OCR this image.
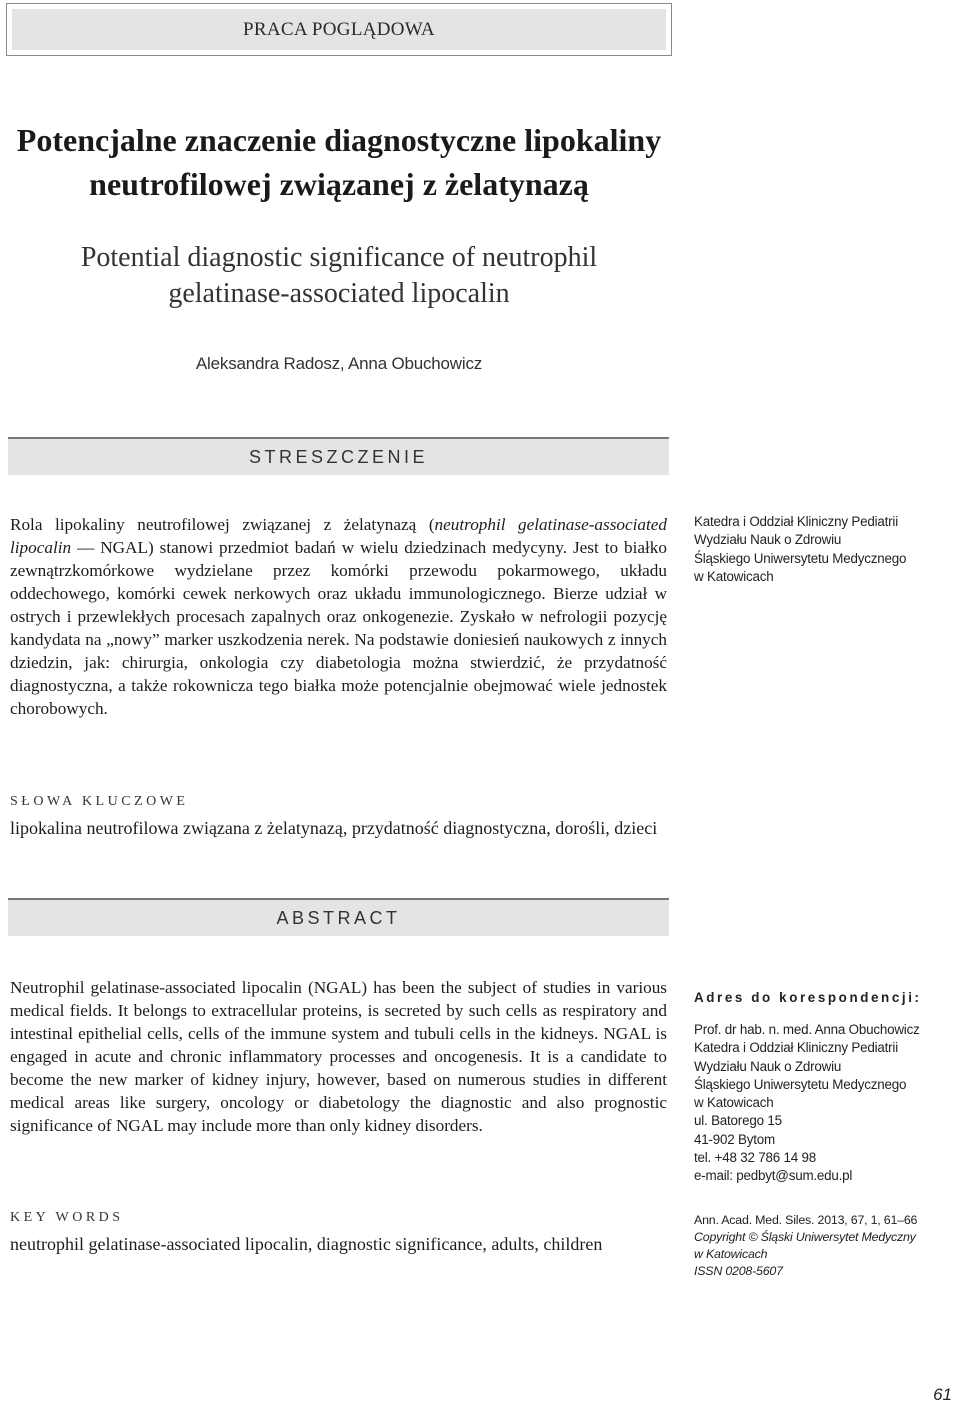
PRACA POGLĄDOWA
Potencjalne znaczenie diagnostyczne lipokaliny
neutrofilowej związanej z żelatynazą
Potential diagnostic significance of neutrophil
gelatinase-associated lipocalin
Aleksandra Radosz, Anna Obuchowicz
STRESZCZENIE
Rola lipokaliny neutrofilowej związanej z żelatynazą (neutrophil gelatinase-associated lipocalin — NGAL) stanowi przedmiot badań w wielu dziedzinach medycyny. Jest to białko zewnątrzkomórkowe wydzielane przez komórki przewodu pokarmowego, układu oddechowego, komórki cewek nerkowych oraz układu immunologicznego. Bierze udział w ostrych i przewlekłych procesach zapalnych oraz onkogenezie. Zyskało w nefrologii pozycję kandydata na „nowy” marker uszkodzenia nerek. Na podstawie doniesień naukowych z innych dziedzin, jak: chirurgia, onkologia czy diabetologia można stwierdzić, że przydatność diagnostyczna, a także rokownicza tego białka może potencjalnie obejmować wiele jednostek chorobowych.
Katedra i Oddział Kliniczny Pediatrii
Wydziału Nauk o Zdrowiu
Śląskiego Uniwersytetu Medycznego
w Katowicach
SŁOWA KLUCZOWE
lipokalina neutrofilowa związana z żelatynazą, przydatność diagnostyczna, dorośli, dzieci
ABSTRACT
Neutrophil gelatinase-associated lipocalin (NGAL) has been the subject of studies in various medical fields. It belongs to extracellular proteins, is secreted by such cells as respiratory and intestinal epithelial cells, cells of the immune system and tubuli cells in the kidneys. NGAL is engaged in acute and chronic inflammatory processes and oncogenesis. It is a candidate to become the new marker of kidney injury, however, based on numerous studies in different medical areas like surgery, oncology or diabetology the diagnostic and also prognostic significance of NGAL may include more than only kidney disorders.
Adres do korespondencji:
Prof. dr hab. n. med. Anna Obuchowicz
Katedra i Oddział Kliniczny Pediatrii
Wydziału Nauk o Zdrowiu
Śląskiego Uniwersytetu Medycznego
w Katowicach
ul. Batorego 15
41-902 Bytom
tel. +48 32 786 14 98
e-mail: pedbyt@sum.edu.pl
KEY WORDS
neutrophil gelatinase-associated lipocalin, diagnostic significance, adults, children
Ann. Acad. Med. Siles. 2013, 67, 1, 61–66
Copyright © Śląski Uniwersytet Medyczny
w Katowicach
ISSN 0208-5607
61
